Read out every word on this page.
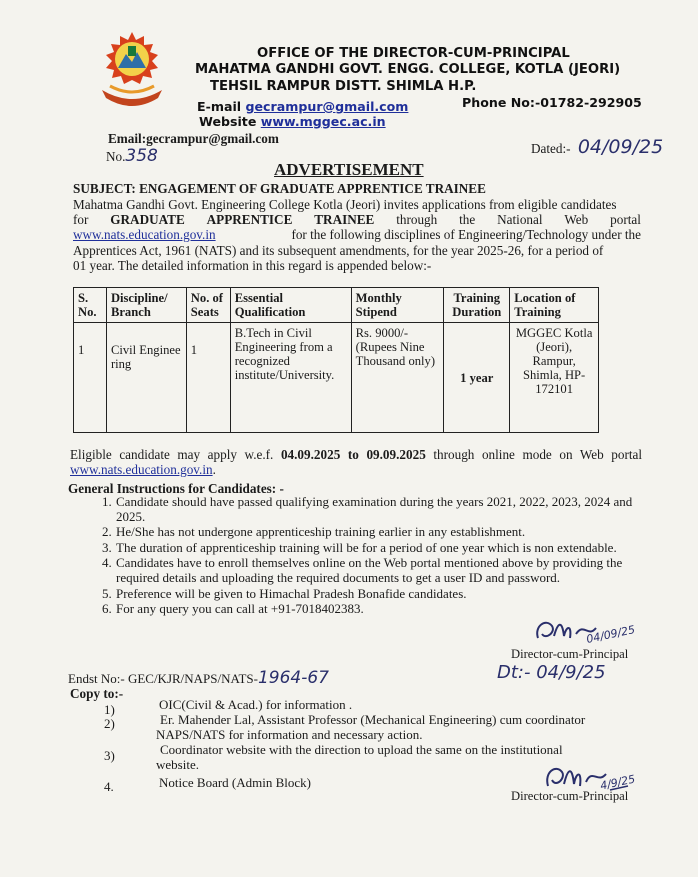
OFFICE OF THE DIRECTOR-CUM-PRINCIPAL
MAHATMA GANDHI GOVT. ENGG. COLLEGE, KOTLA (JEORI)
TEHSIL RAMPUR DISTT. SHIMLA H.P.
E-mail gecrampur@gmail.com	Phone No:-01782-292905
Website www.mggec.ac.in
Email:gecrampur@gmail.com
No.358	Dated:- 04/09/25
ADVERTISEMENT
SUBJECT: ENGAGEMENT OF GRADUATE APPRENTICE TRAINEE
Mahatma Gandhi Govt. Engineering College Kotla (Jeori) invites applications from eligible candidates
for GRADUATE APPRENTICE TRAINEE through the National Web portal
www.nats.education.gov.in	for the following disciplines of Engineering/Technology under the
Apprentices Act, 1961 (NATS) and its subsequent amendments, for the year 2025-26, for a period of
01 year. The detailed information in this regard is appended below:-
S. No.	Discipline/ Branch	No. of Seats	Essential Qualification	Monthly Stipend	Training Duration	Location of Training
1	Civil Engineering	1	B.Tech in Civil Engineering from a recognized institute/University.	Rs. 9000/- (Rupees Nine Thousand only)	1 year	MGGEC Kotla (Jeori), Rampur, Shimla, HP-172101
Eligible candidate may apply w.e.f. 04.09.2025 to 09.09.2025 through online mode on Web portal
www.nats.education.gov.in.
General Instructions for Candidates: -
1. Candidate should have passed qualifying examination during the years 2021, 2022, 2023, 2024 and 2025.
2. He/She has not undergone apprenticeship training earlier in any establishment.
3. The duration of apprenticeship training will be for a period of one year which is non extendable.
4. Candidates have to enroll themselves online on the Web portal mentioned above by providing the required details and uploading the required documents to get a user ID and password.
5. Preference will be given to Himachal Pradesh Bonafide candidates.
6. For any query you can call at +91-7018402383.
04/09/25
Director-cum-Principal
Dt:- 04/9/25
Endst No:- GEC/KJR/NAPS/NATS-1964-67
Copy to:-
1)	OIC(Civil & Acad.) for information .
2)	Er. Mahender Lal, Assistant Professor (Mechanical Engineering) cum coordinator NAPS/NATS for information and necessary action.
3)	Coordinator website with the direction to upload the same on the institutional website.
4.	Notice Board (Admin Block)	4/9/25
Director-cum-Principal
